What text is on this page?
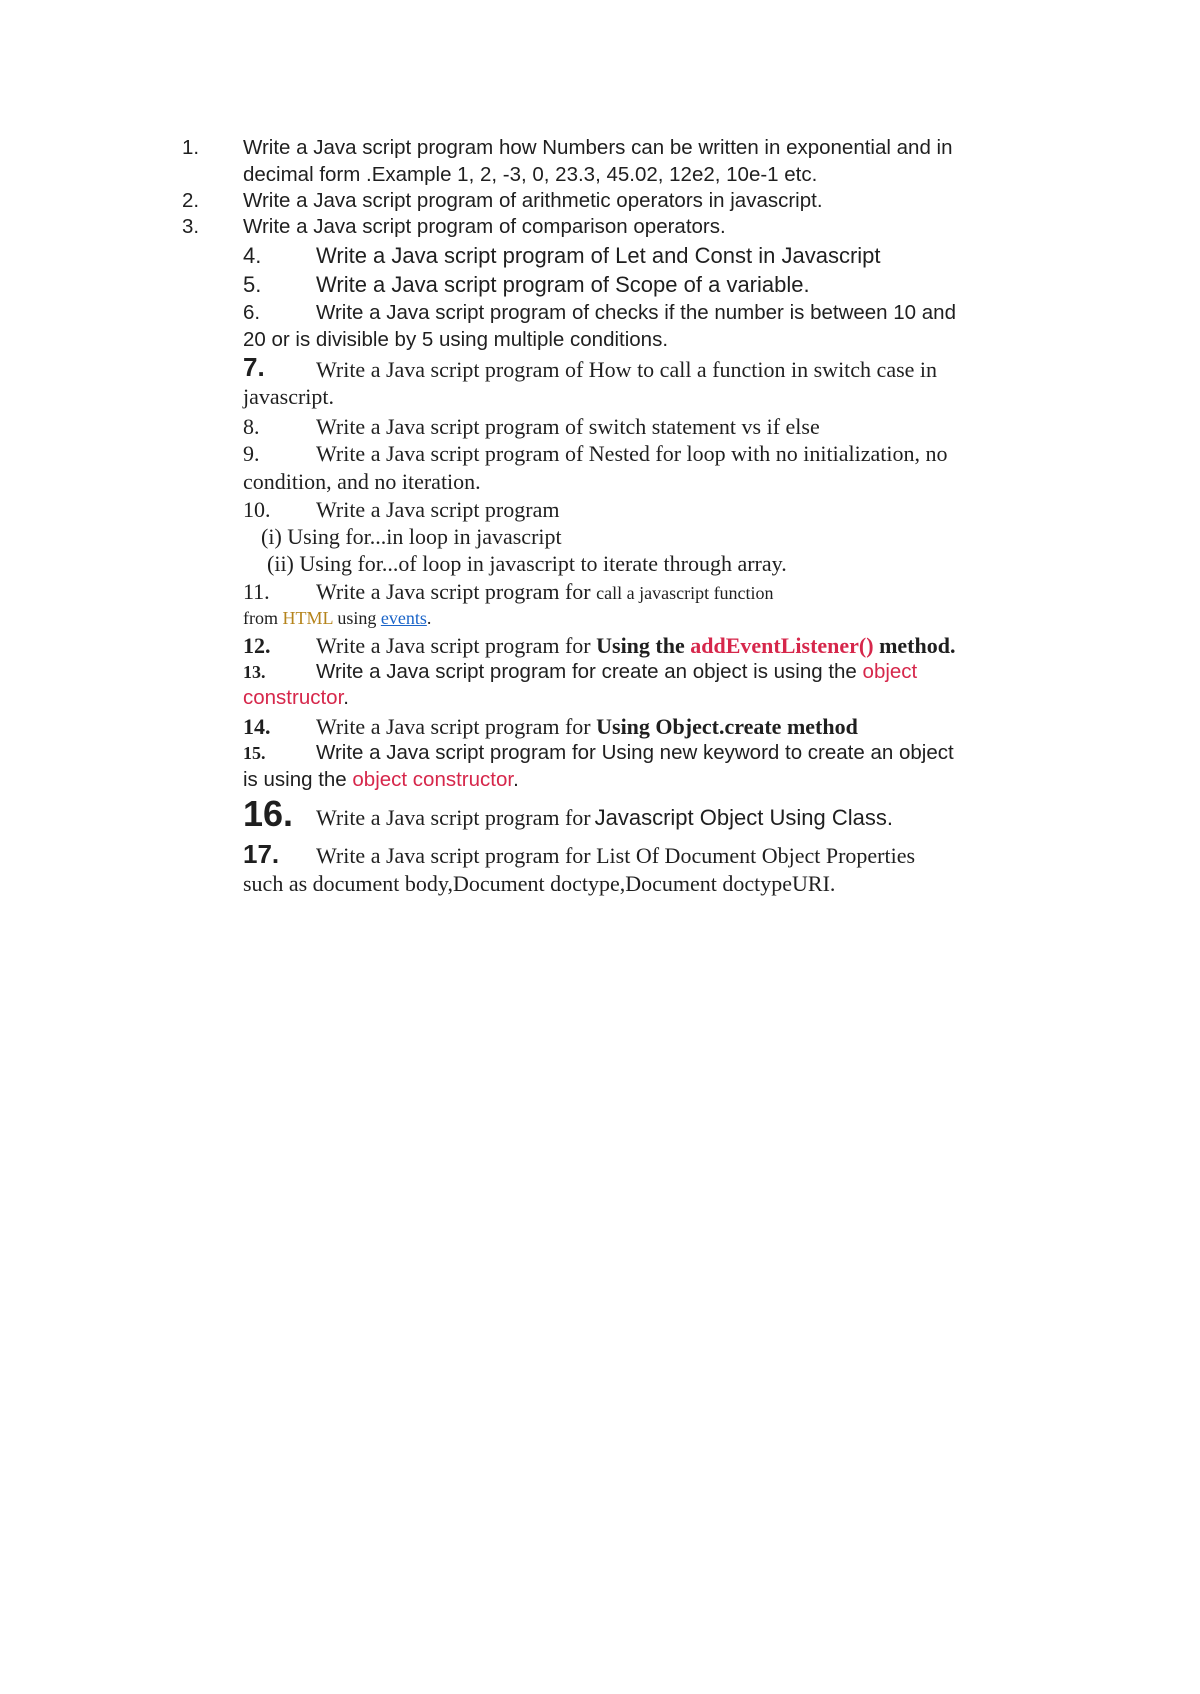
1. Write a Java script program how Numbers can be written in exponential and in
decimal form .Example 1, 2, -3, 0, 23.3, 45.02, 12e2, 10e-1 etc.
2. Write a Java script program of arithmetic operators in javascript.
3. Write a Java script program of comparison operators.
4. Write a Java script program of Let and Const in Javascript
5. Write a Java script program of Scope of a variable.
6.	Write a Java script program of checks if the number is between 10 and
20 or is divisible by 5 using multiple conditions.
7. Write a Java script program of How to call a function in switch case in
javascript.
8.	Write a Java script program of switch statement vs if else
9.	Write a Java script program of Nested for loop with no initialization, no
condition, and no iteration.
10. Write a Java script program
(i) Using for...in loop in javascript
(ii) Using for...of loop in javascript to iterate through array.
11. Write a Java script program for call a javascript function
from HTML using events.
12. Write a Java script program for Using the addEventListener() method.
13. Write a Java script program for create an object is using the object
constructor.
14. Write a Java script program for Using Object.create method
15. Write a Java script program for Using new keyword to create an object
is using the object constructor.
16. Write a Java script program for Javascript Object Using Class.
17. Write a Java script program for List Of Document Object Properties
such as document body,Document doctype,Document doctypeURI.
